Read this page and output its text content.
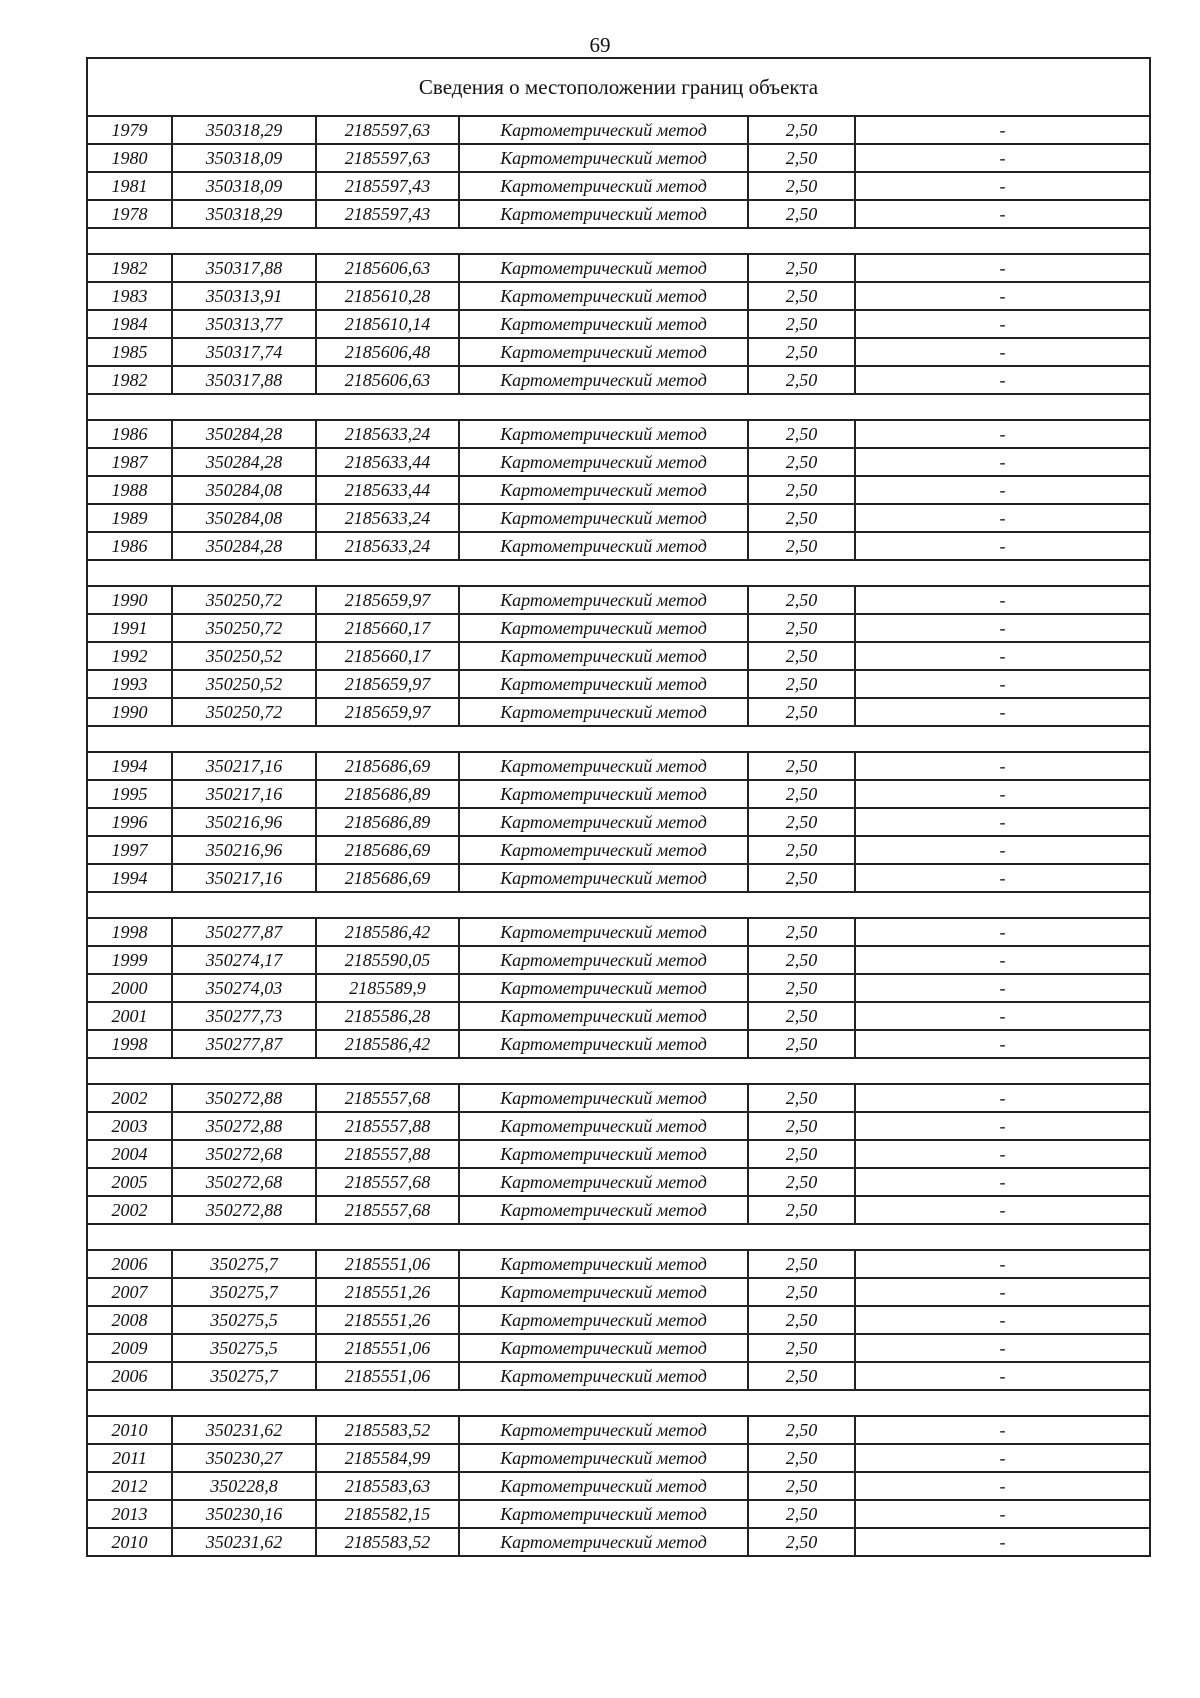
69
Сведения о местоположении границ объекта					
1979	350318,29	2185597,63	Картометрический метод	2,50	-
1980	350318,09	2185597,63	Картометрический метод	2,50	-
1981	350318,09	2185597,43	Картометрический метод	2,50	-
1978	350318,29	2185597,43	Картометрический метод	2,50	-

1982	350317,88	2185606,63	Картометрический метод	2,50	-
1983	350313,91	2185610,28	Картометрический метод	2,50	-
1984	350313,77	2185610,14	Картометрический метод	2,50	-
1985	350317,74	2185606,48	Картометрический метод	2,50	-
1982	350317,88	2185606,63	Картометрический метод	2,50	-

1986	350284,28	2185633,24	Картометрический метод	2,50	-
1987	350284,28	2185633,44	Картометрический метод	2,50	-
1988	350284,08	2185633,44	Картометрический метод	2,50	-
1989	350284,08	2185633,24	Картометрический метод	2,50	-
1986	350284,28	2185633,24	Картометрический метод	2,50	-

1990	350250,72	2185659,97	Картометрический метод	2,50	-
1991	350250,72	2185660,17	Картометрический метод	2,50	-
1992	350250,52	2185660,17	Картометрический метод	2,50	-
1993	350250,52	2185659,97	Картометрический метод	2,50	-
1990	350250,72	2185659,97	Картометрический метод	2,50	-

1994	350217,16	2185686,69	Картометрический метод	2,50	-
1995	350217,16	2185686,89	Картометрический метод	2,50	-
1996	350216,96	2185686,89	Картометрический метод	2,50	-
1997	350216,96	2185686,69	Картометрический метод	2,50	-
1994	350217,16	2185686,69	Картометрический метод	2,50	-

1998	350277,87	2185586,42	Картометрический метод	2,50	-
1999	350274,17	2185590,05	Картометрический метод	2,50	-
2000	350274,03	2185589,9	Картометрический метод	2,50	-
2001	350277,73	2185586,28	Картометрический метод	2,50	-
1998	350277,87	2185586,42	Картометрический метод	2,50	-

2002	350272,88	2185557,68	Картометрический метод	2,50	-
2003	350272,88	2185557,88	Картометрический метод	2,50	-
2004	350272,68	2185557,88	Картометрический метод	2,50	-
2005	350272,68	2185557,68	Картометрический метод	2,50	-
2002	350272,88	2185557,68	Картометрический метод	2,50	-

2006	350275,7	2185551,06	Картометрический метод	2,50	-
2007	350275,7	2185551,26	Картометрический метод	2,50	-
2008	350275,5	2185551,26	Картометрический метод	2,50	-
2009	350275,5	2185551,06	Картометрический метод	2,50	-
2006	350275,7	2185551,06	Картометрический метод	2,50	-

2010	350231,62	2185583,52	Картометрический метод	2,50	-
2011	350230,27	2185584,99	Картометрический метод	2,50	-
2012	350228,8	2185583,63	Картометрический метод	2,50	-
2013	350230,16	2185582,15	Картометрический метод	2,50	-
2010	350231,62	2185583,52	Картометрический метод	2,50	-
